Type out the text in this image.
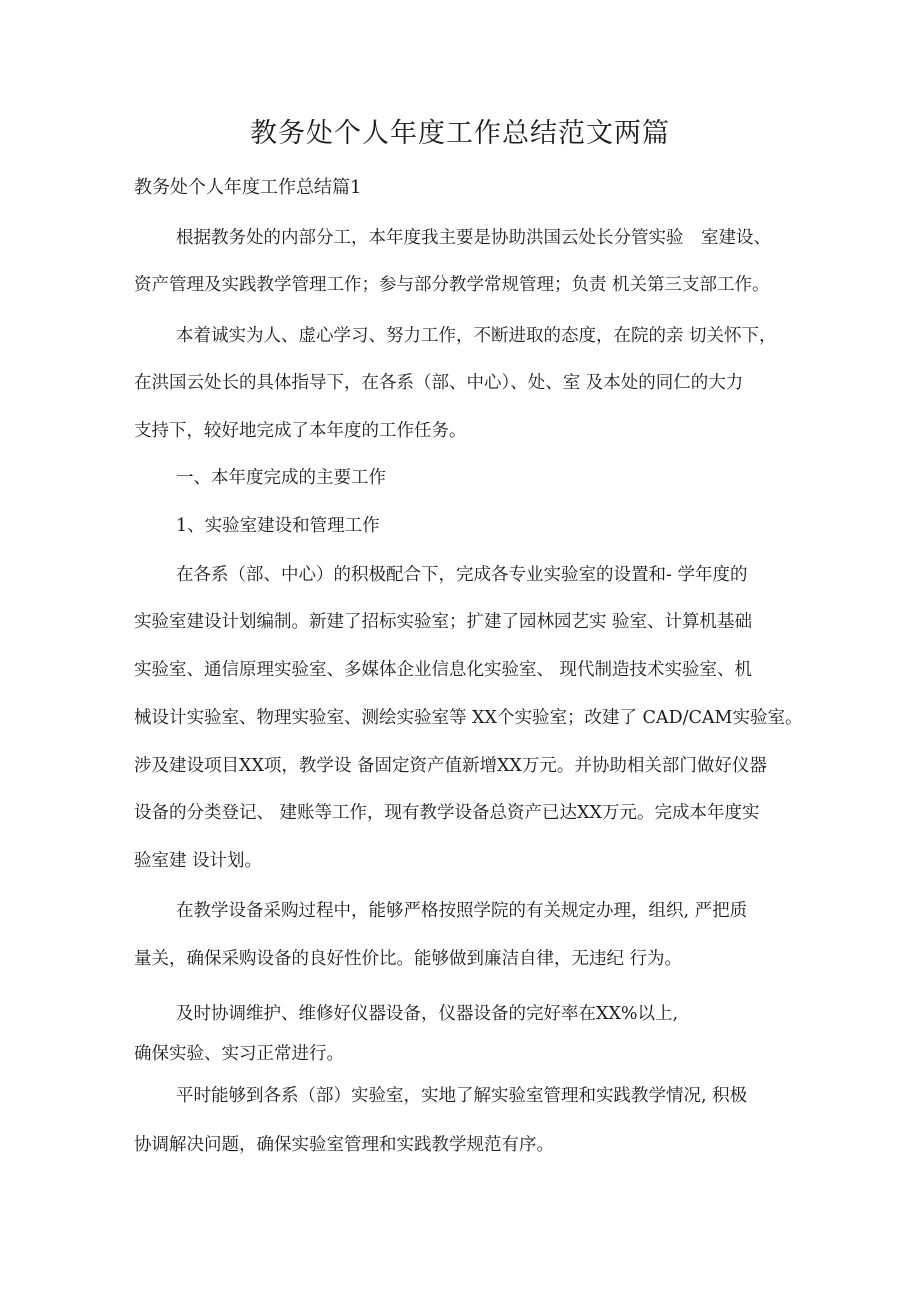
教务处个人年度工作总结范文两篇
教务处个人年度工作总结篇1
根据教务处的内部分工，本年度我主要是协助洪国云处长分管实验　室建设、
资产管理及实践教学管理工作；参与部分教学常规管理；负责 机关第三支部工作。
本着诚实为人、虚心学习、努力工作，不断进取的态度，在院的亲 切关怀下，
在洪国云处长的具体指导下，在各系（部、中心）、处、室 及本处的同仁的大力
支持下，较好地完成了本年度的工作任务。
一、本年度完成的主要工作
1、实验室建设和管理工作
在各系（部、中心）的积极配合下，完成各专业实验室的设置和- 学年度的
实验室建设计划编制。新建了招标实验室；扩建了园林园艺实 验室、计算机基础
实验室、通信原理实验室、多媒体企业信息化实验室、 现代制造技术实验室、机
械设计实验室、物理实验室、测绘实验室等 XX个实验室；改建了 CAD/CAM实验室。
涉及建设项目XX项，教学设 备固定资产值新增XX万元。并协助相关部门做好仪器
设备的分类登记、 建账等工作，现有教学设备总资产已达XX万元。完成本年度实
验室建 设计划。
在教学设备采购过程中，能够严格按照学院的有关规定办理，组织, 严把质
量关，确保采购设备的良好性价比。能够做到廉洁自律，无违纪 行为。
及时协调维护、维修好仪器设备，仪器设备的完好率在XX%以上,
确保实验、实习正常进行。
平时能够到各系（部）实验室，实地了解实验室管理和实践教学情况, 积极
协调解决问题，确保实验室管理和实践教学规范有序。
